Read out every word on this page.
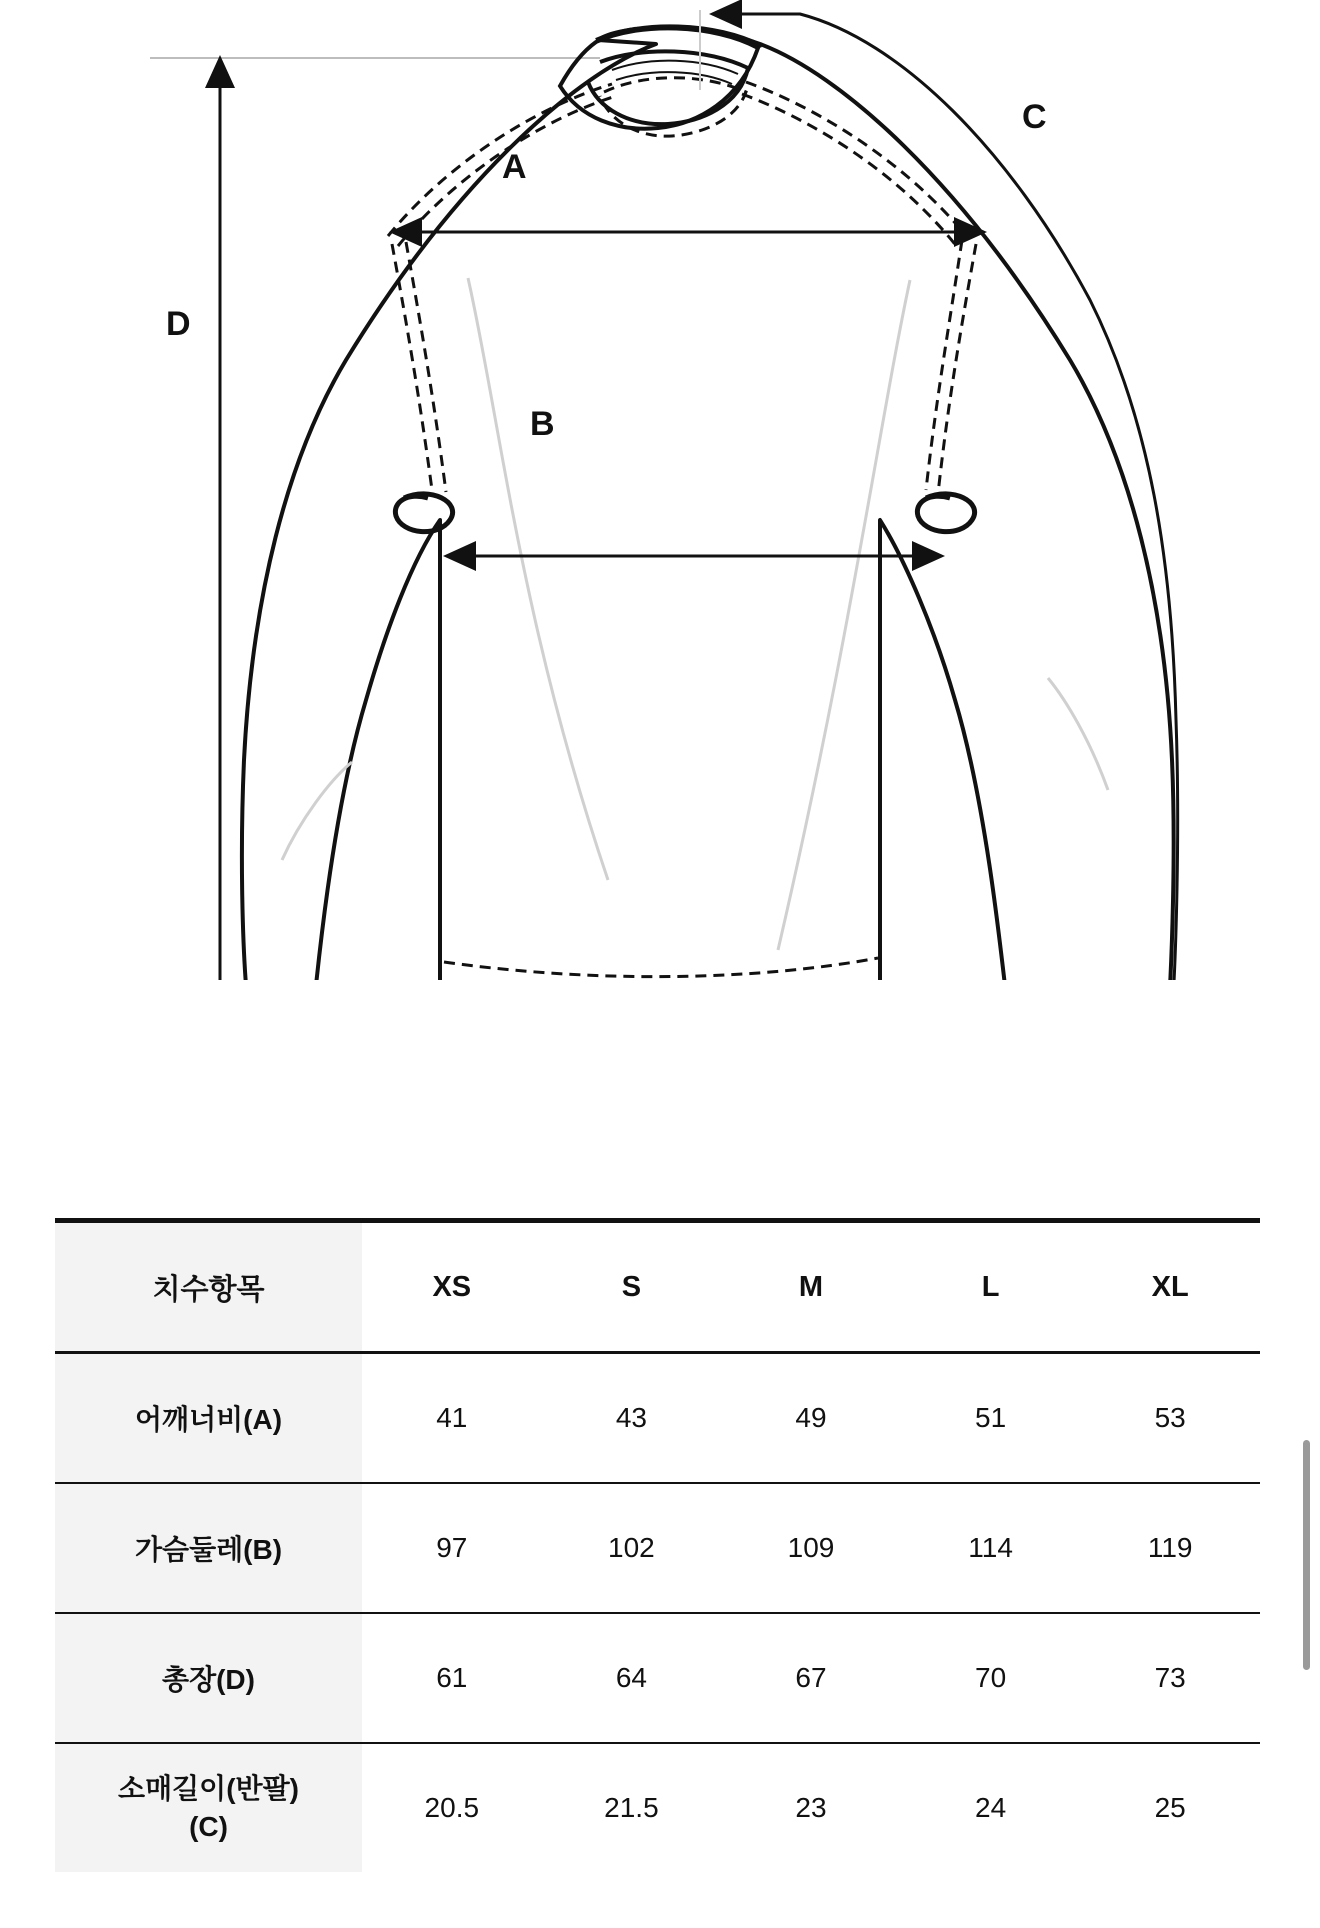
A
B
C
D
치수항목	XS	S	M	L	XL
어깨너비(A)	41	43	49	51	53
가슴둘레(B)	97	102	109	114	119
총장(D)	61	64	67	70	73

소매길이(반팔)
(C)	20.5	21.5	23	24	25
